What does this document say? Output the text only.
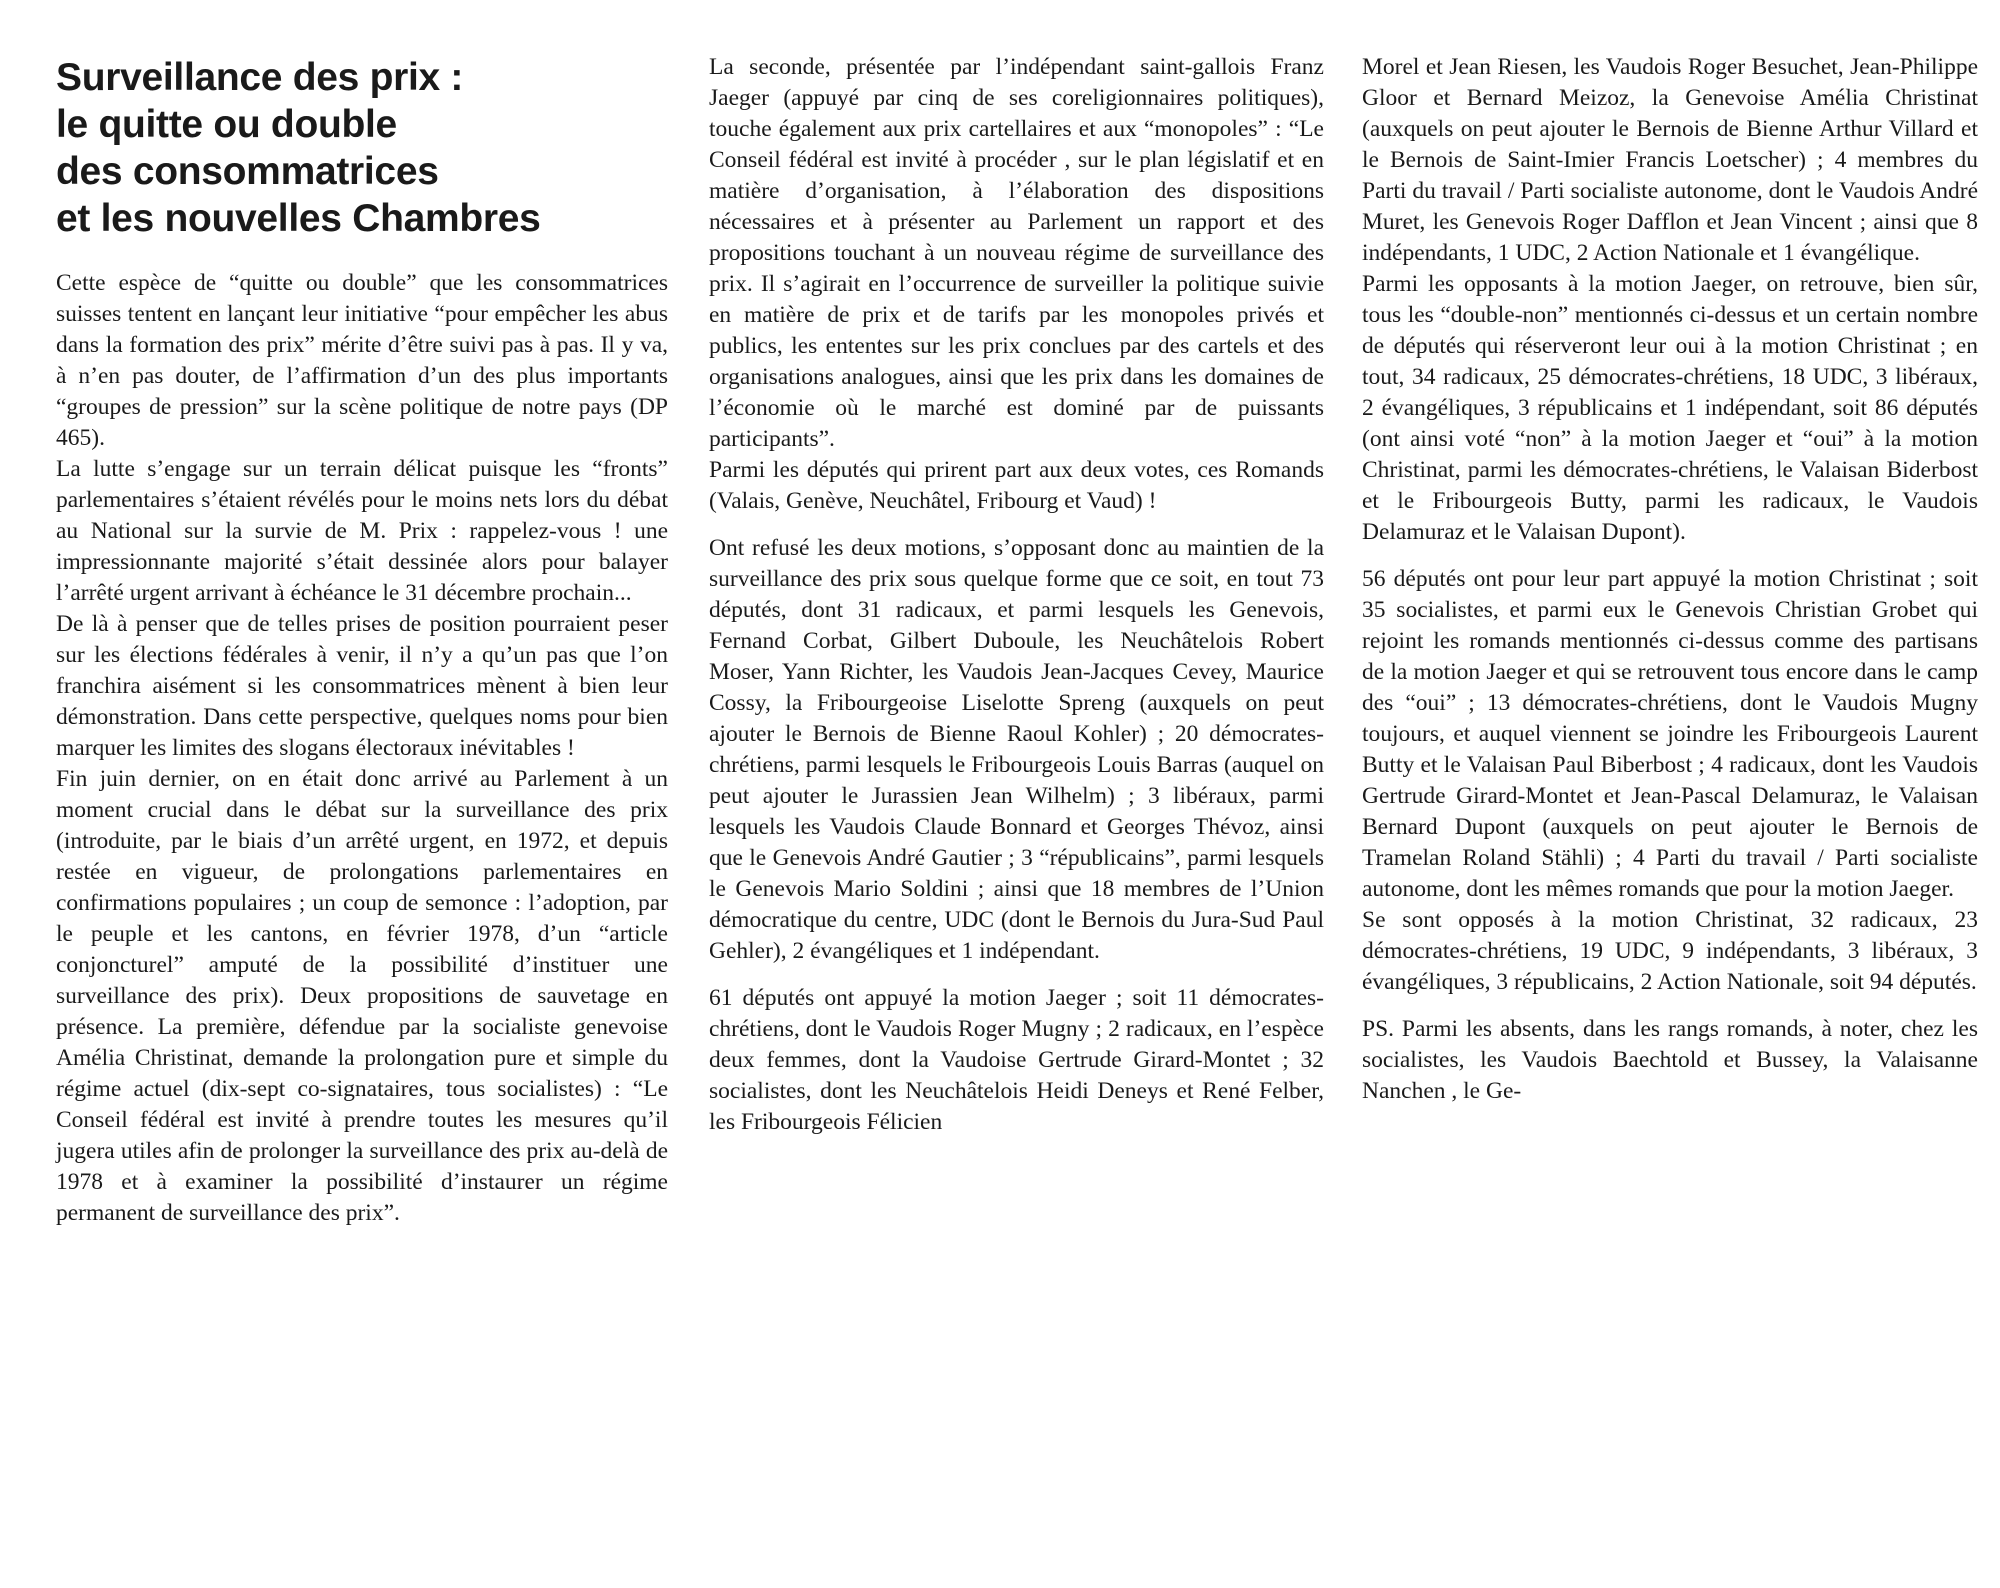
Surveillance des prix :
le quitte ou double
des consommatrices
et les nouvelles Chambres

Cette espèce de “quitte ou double” que les consommatrices suisses tentent en lançant leur initiative “pour empêcher les abus dans la formation des prix” mérite d’être suivi pas à pas. Il y va, à n’en pas douter, de l’affirmation d’un des plus importants “groupes de pression” sur la scène politique de notre pays (DP 465).

La lutte s’engage sur un terrain délicat puisque les “fronts” parlementaires s’étaient révélés pour le moins nets lors du débat au National sur la survie de M. Prix : rappelez-vous ! une impressionnante majorité s’était dessinée alors pour balayer l’arrêté urgent arrivant à échéance le 31 décembre prochain...

De là à penser que de telles prises de position pourraient peser sur les élections fédérales à venir, il n’y a qu’un pas que l’on franchira aisément si les consommatrices mènent à bien leur démonstration. Dans cette perspective, quelques noms pour bien marquer les limites des slogans électoraux inévitables !

Fin juin dernier, on en était donc arrivé au Parlement à un moment crucial dans le débat sur la surveillance des prix (introduite, par le biais d’un arrêté urgent, en 1972, et depuis restée en vigueur, de prolongations parlementaires en confirmations populaires ; un coup de semonce : l’adoption, par le peuple et les cantons, en février 1978, d’un “article conjoncturel” amputé de la possibilité d’instituer une surveillance des prix). Deux propositions de sauvetage en présence. La première, défendue par la socialiste genevoise Amélia Christinat, demande la prolongation pure et simple du régime actuel (dix-sept co-signataires, tous socialistes) : “Le Conseil fédéral est invité à prendre toutes les mesures qu’il jugera utiles afin de prolonger la surveillance des prix au-delà de 1978 et à examiner la possibilité d’instaurer un régime permanent de surveillance des prix”.

La seconde, présentée par l’indépendant saint-gallois Franz Jaeger (appuyé par cinq de ses coreligionnaires politiques), touche également aux prix cartellaires et aux “monopoles” : “Le Conseil fédéral est invité à procéder , sur le plan législatif et en matière d’organisation, à l’élaboration des dispositions nécessaires et à présenter au Parlement un rapport et des propositions touchant à un nouveau régime de surveillance des prix. Il s’agirait en l’occurrence de surveiller la politique suivie en matière de prix et de tarifs par les monopoles privés et publics, les ententes sur les prix conclues par des cartels et des organisations analogues, ainsi que les prix dans les domaines de l’économie où le marché est dominé par de puissants participants”.

Parmi les députés qui prirent part aux deux votes, ces Romands (Valais, Genève, Neuchâtel, Fribourg et Vaud) !

Ont refusé les deux motions, s’opposant donc au maintien de la surveillance des prix sous quelque forme que ce soit, en tout 73 députés, dont 31 radicaux, et parmi lesquels les Genevois, Fernand Corbat, Gilbert Duboule, les Neuchâtelois Robert Moser, Yann Richter, les Vaudois Jean-Jacques Cevey, Maurice Cossy, la Fribourgeoise Liselotte Spreng (auxquels on peut ajouter le Bernois de Bienne Raoul Kohler) ; 20 démocrates-chrétiens, parmi lesquels le Fribourgeois Louis Barras (auquel on peut ajouter le Jurassien Jean Wilhelm) ; 3 libéraux, parmi lesquels les Vaudois Claude Bonnard et Georges Thévoz, ainsi que le Genevois André Gautier ; 3 “républicains”, parmi lesquels le Genevois Mario Soldini ; ainsi que 18 membres de l’Union démocratique du centre, UDC (dont le Bernois du Jura-Sud Paul Gehler), 2 évangéliques et 1 indépendant.

61 députés ont appuyé la motion Jaeger ; soit 11 démocrates-chrétiens, dont le Vaudois Roger Mugny ; 2 radicaux, en l’espèce deux femmes, dont la Vaudoise Gertrude Girard-Montet ; 32 socialistes, dont les Neuchâtelois Heidi Deneys et René Felber, les Fribourgeois Félicien

Morel et Jean Riesen, les Vaudois Roger Besuchet, Jean-Philippe Gloor et Bernard Meizoz, la Genevoise Amélia Christinat (auxquels on peut ajouter le Bernois de Bienne Arthur Villard et le Bernois de Saint-Imier Francis Loetscher) ; 4 membres du Parti du travail / Parti socialiste autonome, dont le Vaudois André Muret, les Genevois Roger Dafflon et Jean Vincent ; ainsi que 8 indépendants, 1 UDC, 2 Action Nationale et 1 évangélique.

Parmi les opposants à la motion Jaeger, on retrouve, bien sûr, tous les “double-non” mentionnés ci-dessus et un certain nombre de députés qui réserveront leur oui à la motion Christinat ; en tout, 34 radicaux, 25 démocrates-chrétiens, 18 UDC, 3 libéraux, 2 évangéliques, 3 républicains et 1 indépendant, soit 86 députés (ont ainsi voté “non” à la motion Jaeger et “oui” à la motion Christinat, parmi les démocrates-chrétiens, le Valaisan Biderbost et le Fribourgeois Butty, parmi les radicaux, le Vaudois Delamuraz et le Valaisan Dupont).

56 députés ont pour leur part appuyé la motion Christinat ; soit 35 socialistes, et parmi eux le Genevois Christian Grobet qui rejoint les romands mentionnés ci-dessus comme des partisans de la motion Jaeger et qui se retrouvent tous encore dans le camp des “oui” ; 13 démocrates-chrétiens, dont le Vaudois Mugny toujours, et auquel viennent se joindre les Fribourgeois Laurent Butty et le Valaisan Paul Biberbost ; 4 radicaux, dont les Vaudois Gertrude Girard-Montet et Jean-Pascal Delamuraz, le Valaisan Bernard Dupont (auxquels on peut ajouter le Bernois de Tramelan Roland Stähli) ; 4 Parti du travail / Parti socialiste autonome, dont les mêmes romands que pour la motion Jaeger.

Se sont opposés à la motion Christinat, 32 radicaux, 23 démocrates-chrétiens, 19 UDC, 9 indépendants, 3 libéraux, 3 évangéliques, 3 républicains, 2 Action Nationale, soit 94 députés.

PS. Parmi les absents, dans les rangs romands, à noter, chez les socialistes, les Vaudois Baechtold et Bussey, la Valaisanne Nanchen , le Ge-
